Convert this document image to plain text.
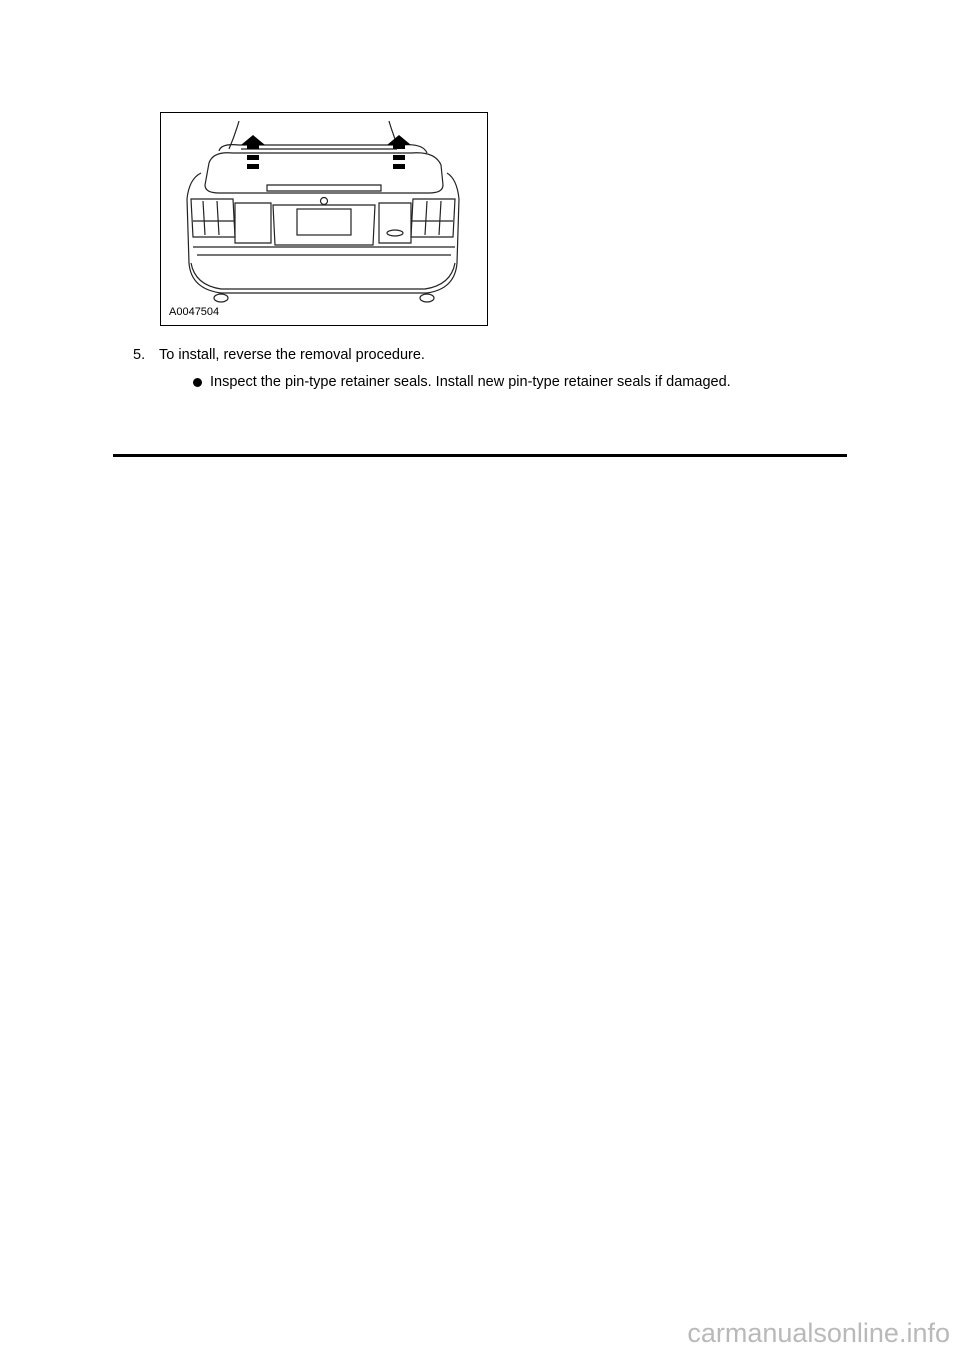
A0047504
5. To install, reverse the removal procedure.
Inspect the pin-type retainer seals. Install new pin-type retainer seals if damaged.
carmanualsonline.info
